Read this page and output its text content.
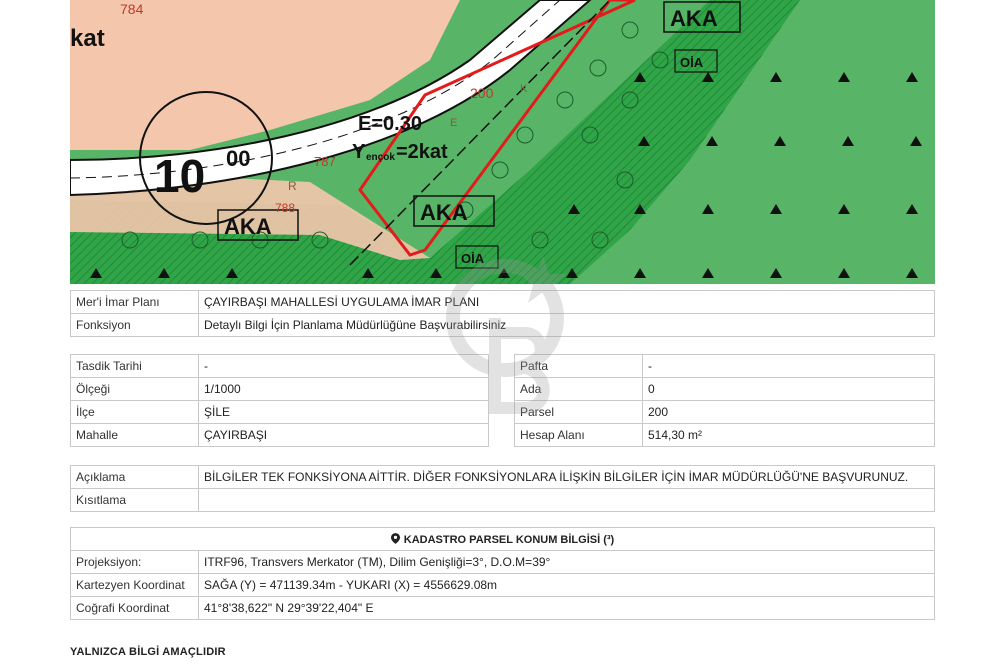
784
787
788
200
kat
10 00
E=0.30
Y ençok =2kat
AKA
AKA
AKA
OİA
OİA
R
E
K
Mer'i İmar Planı	ÇAYIRBAŞI MAHALLESİ UYGULAMA İMAR PLANI
Fonksiyon	Detaylı Bilgi İçin Planlama Müdürlüğüne Başvurabilirsiniz
Tasdik Tarihi	-
Ölçeği	1/1000
İlçe	ŞİLE
Mahalle	ÇAYIRBAŞI
Pafta	-
Ada	0
Parsel	200
Hesap Alanı	514,30 m²
Açıklama	BİLGİLER TEK FONKSİYONA AİTTİR. DİĞER FONKSİYONLARA İLİŞKİN BİLGİLER İÇİN İMAR MÜDÜRLÜĞÜ'NE BAŞVURUNUZ.
Kısıtlama	
KADASTRO PARSEL KONUM BİLGİSİ (³)	
Projeksiyon:	ITRF96, Transvers Merkator (TM), Dilim Genişliği=3°, D.O.M=39°
Kartezyen Koordinat	SAĞA (Y) = 471139.34m - YUKARI (X) = 4556629.08m
Coğrafi Koordinat	41°8'38,622" N 29°39'22,404" E
YALNIZCA BİLGİ AMAÇLIDIR
